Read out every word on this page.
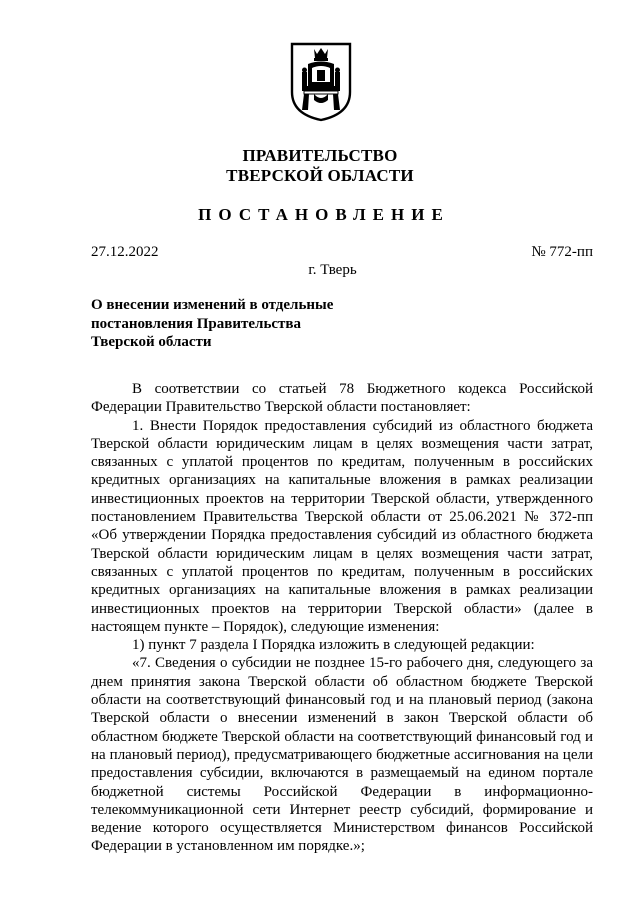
ПРАВИТЕЛЬСТВО
ТВЕРСКОЙ ОБЛАСТИ
ПОСТАНОВЛЕНИЕ
27.12.2022	№ 772-пп
г. Тверь
О внесении изменений в отдельные
постановления Правительства
Тверской области

В соответствии со статьей 78 Бюджетного кодекса Российской Федерации Правительство Тверской области постановляет:

1. Внести Порядок предоставления субсидий из областного бюджета Тверской области юридическим лицам в целях возмещения части затрат, связанных с уплатой процентов по кредитам, полученным в российских кредитных организациях на капитальные вложения в рамках реализации инвестиционных проектов на территории Тверской области, утвержденного постановлением Правительства Тверской области от 25.06.2021 № 372-пп «Об утверждении Порядка предоставления субсидий из областного бюджета Тверской области юридическим лицам в целях возмещения части затрат, связанных с уплатой процентов по кредитам, полученным в российских кредитных организациях на капитальные вложения в рамках реализации инвестиционных проектов на территории Тверской области» (далее в настоящем пункте – Порядок), следующие изменения:

1) пункт 7 раздела I Порядка изложить в следующей редакции:

«7. Сведения о субсидии не позднее 15-го рабочего дня, следующего за днем принятия закона Тверской области об областном бюджете Тверской области на соответствующий финансовый год и на плановый период (закона Тверской области о внесении изменений в закон Тверской области об областном бюджете Тверской области на соответствующий финансовый год и на плановый период), предусматривающего бюджетные ассигнования на цели предоставления субсидии, включаются в размещаемый на едином портале бюджетной системы Российской Федерации в информационно-телекоммуникационной сети Интернет реестр субсидий, формирование и ведение которого осуществляется Министерством финансов Российской Федерации в установленном им порядке.»;
